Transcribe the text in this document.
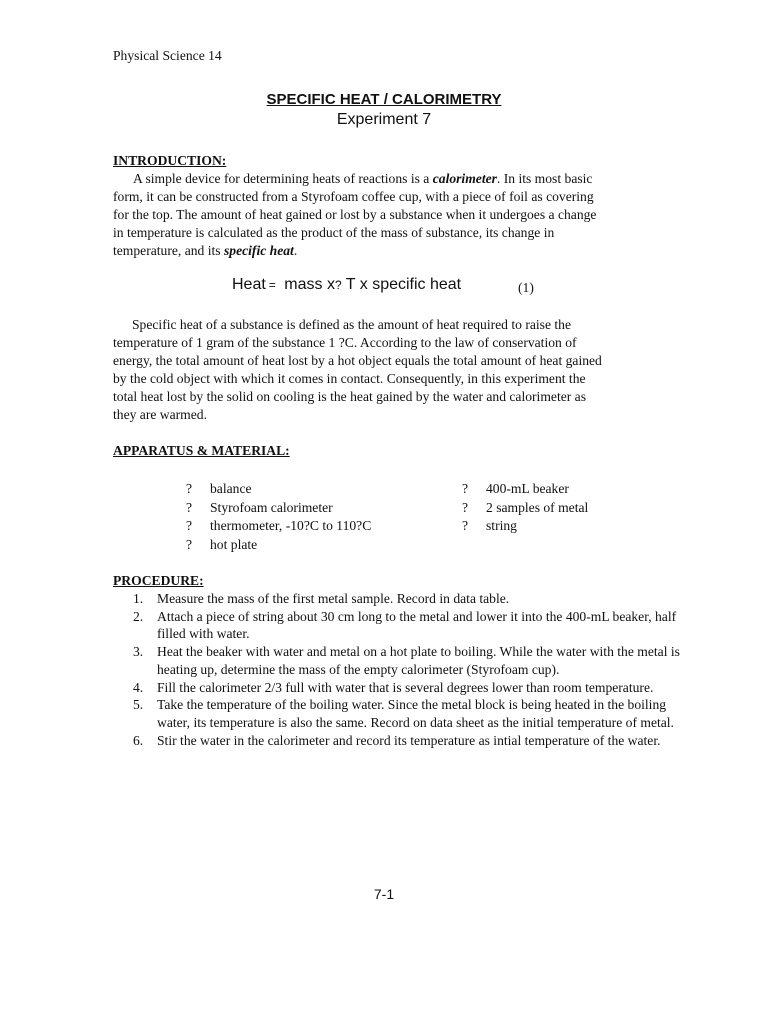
Physical Science 14
SPECIFIC HEAT / CALORIMETRY
Experiment 7
INTRODUCTION:
A simple device for determining heats of reactions is a calorimeter. In its most basic
form, it can be constructed from a Styrofoam coffee cup, with a piece of foil as covering
for the top. The amount of heat gained or lost by a substance when it undergoes a change
in temperature is calculated as the product of the mass of substance, its change in
temperature, and its specific heat.
Heat = mass x? T x specific heat	(1)
Specific heat of a substance is defined as the amount of heat required to raise the
temperature of 1 gram of the substance 1 ?C. According to the law of conservation of
energy, the total amount of heat lost by a hot object equals the total amount of heat gained
by the cold object with which it comes in contact. Consequently, in this experiment the
total heat lost by the solid on cooling is the heat gained by the water and calorimeter as
they are warmed.
APPARATUS & MATERIAL:
? balance
? Styrofoam calorimeter
? thermometer, -10?C to 110?C
? hot plate
? 400-mL beaker
? 2 samples of metal
? string
PROCEDURE:
1. Measure the mass of the first metal sample. Record in data table.
2. Attach a piece of string about 30 cm long to the metal and lower it into the 400-mL beaker, half filled with water.
3. Heat the beaker with water and metal on a hot plate to boiling. While the water with the metal is heating up, determine the mass of the empty calorimeter (Styrofoam cup).
4. Fill the calorimeter 2/3 full with water that is several degrees lower than room temperature.
5. Take the temperature of the boiling water. Since the metal block is being heated in the boiling water, its temperature is also the same. Record on data sheet as the initial temperature of metal.
6. Stir the water in the calorimeter and record its temperature as intial temperature of the water.
7-1
